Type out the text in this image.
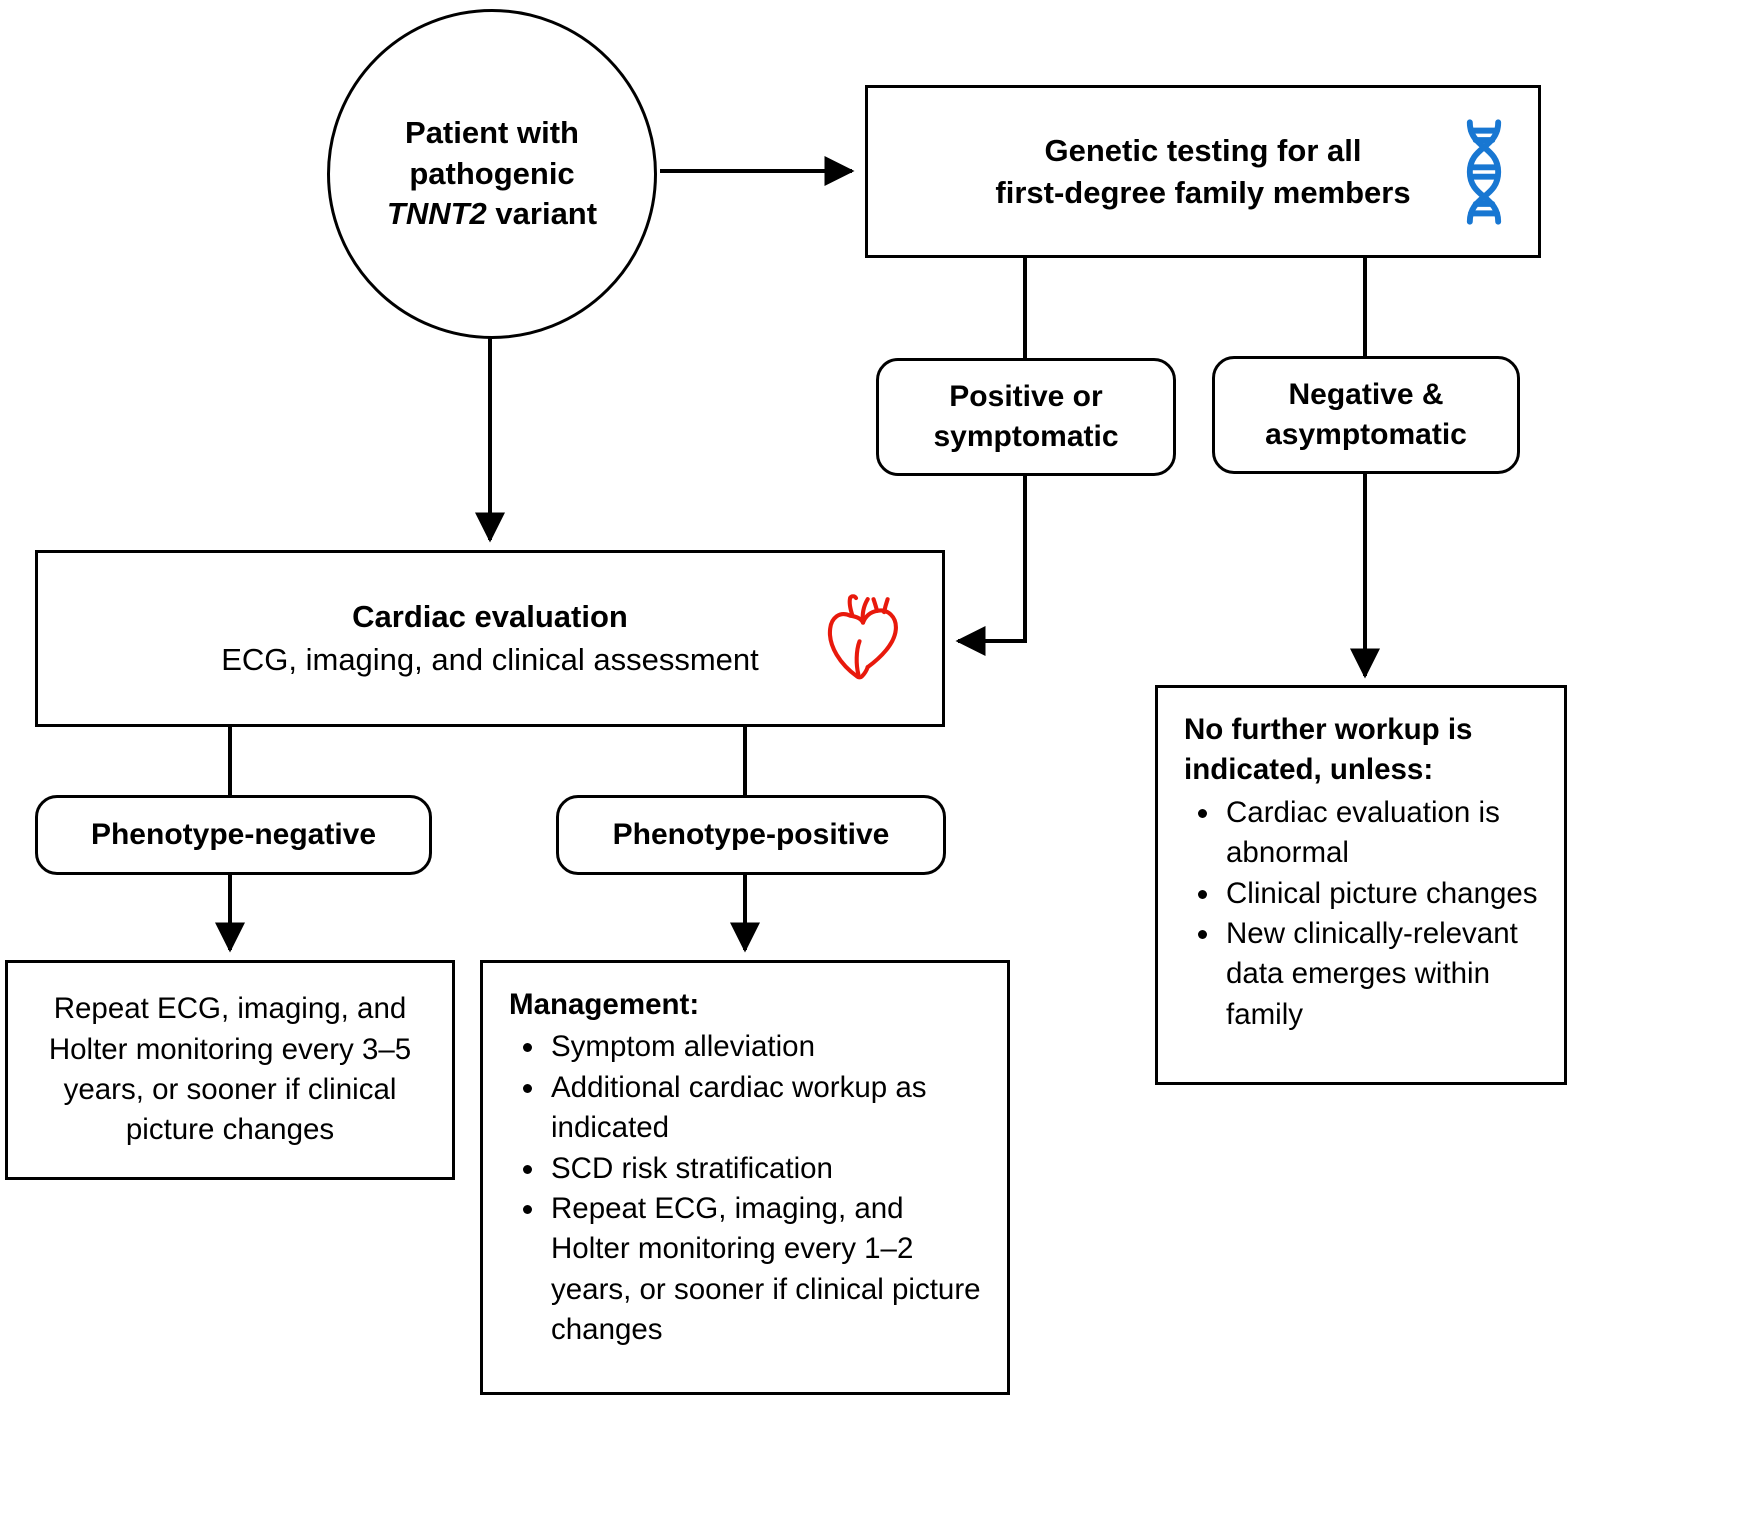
Patient with
pathogenic
TNNT2 variant
Genetic testing for all
first-degree family members
Positive or
symptomatic
Negative &
asymptomatic
Cardiac evaluation
ECG, imaging, and clinical assessment
Phenotype-negative	Phenotype-positive
Repeat ECG, imaging, and Holter monitoring every 3–5 years, or sooner if clinical picture changes
Management:
• Symptom alleviation
• Additional cardiac workup as indicated
• SCD risk stratification
• Repeat ECG, imaging, and Holter monitoring every 1–2 years, or sooner if clinical picture changes
No further workup is indicated, unless:
• Cardiac evaluation is abnormal
• Clinical picture changes
• New clinically-relevant data emerges within family
